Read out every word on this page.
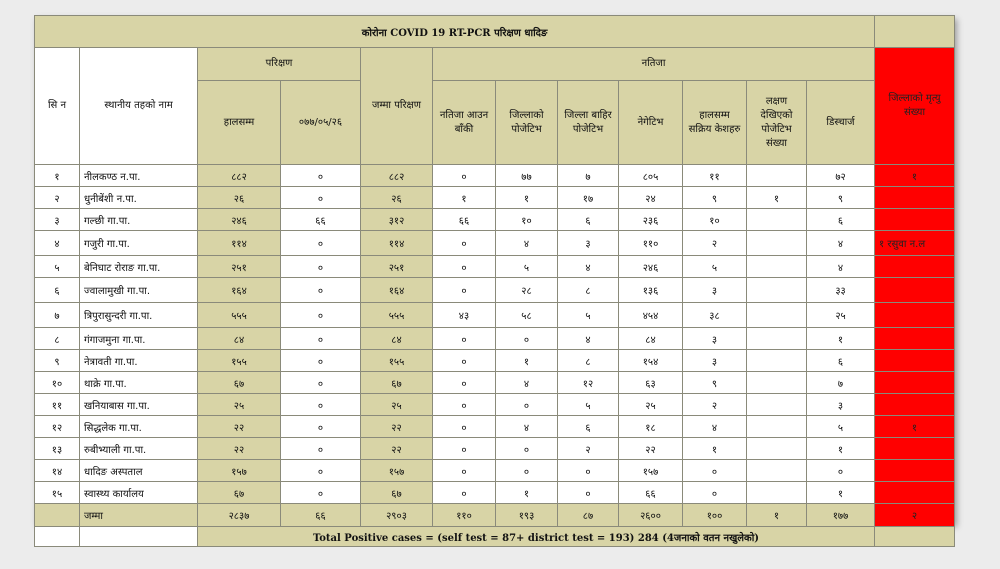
कोरोना COVID 19 RT-PCR परिक्षण धादिङ												
सि न	स्थानीय तहको नाम	परिक्षण		जम्मा परिक्षण	नतिजा							जिल्लाको मृत्यु संख्या
		हालसम्म	०७७/०५/२६		नतिजा आउन बाँकी	जिल्लाको पोजेटिभ	जिल्ला बाहिर पोजेटिभ	नेगेटिभ	हालसम्म सक्रिय केशहरु	लक्षण देखिएको पोजेटिभ संख्या	डिस्चार्ज	
१	नीलकण्ठ न.पा.	८८२	०	८८२	०	७७	७	८०५	११		७२	१
२	धुनीबेंशी न.पा.	२६	०	२६	१	१	१७	२४	९	१	९	
३	गल्छी गा.पा.	२४६	६६	३१२	६६	१०	६	२३६	१०		६	
४	गजुरी गा.पा.	११४	०	११४	०	४	३	११०	२		४	१ रसुवा न.ल
५	बेनिघाट रोराङ गा.पा.	२५१	०	२५१	०	५	४	२४६	५		४	
६	ज्वालामुखी गा.पा.	१६४	०	१६४	०	२८	८	१३६	३		३३	
७	त्रिपुरासुन्दरी गा.पा.	५५५	०	५५५	४३	५८	५	४५४	३८		२५	
८	गंगाजमुना गा.पा.	८४	०	८४	०	०	४	८४	३		१	
९	नेत्रावती गा.पा.	१५५	०	१५५	०	१	८	१५४	३		६	
१०	थाक्रे गा.पा.	६७	०	६७	०	४	१२	६३	९		७	
११	खनियाबास गा.पा.	२५	०	२५	०	०	५	२५	२		३	
१२	सिद्धलेक गा.पा.	२२	०	२२	०	४	६	१८	४		५	१
१३	रुबीभ्याली गा.पा.	२२	०	२२	०	०	२	२२	१		१	
१४	धादिङ अस्पताल	१५७	०	१५७	०	०	०	१५७	०		०	
१५	स्वास्थ्य कार्यालय	६७	०	६७	०	१	०	६६	०		१	
	जम्मा	२८३७	६६	२९०३	११०	१९३	८७	२६००	१००	१	१७७	२
		Total Positive cases = (self test = 87+ district test = 193) 284 (4जनाको वतन नखुलेको)										
